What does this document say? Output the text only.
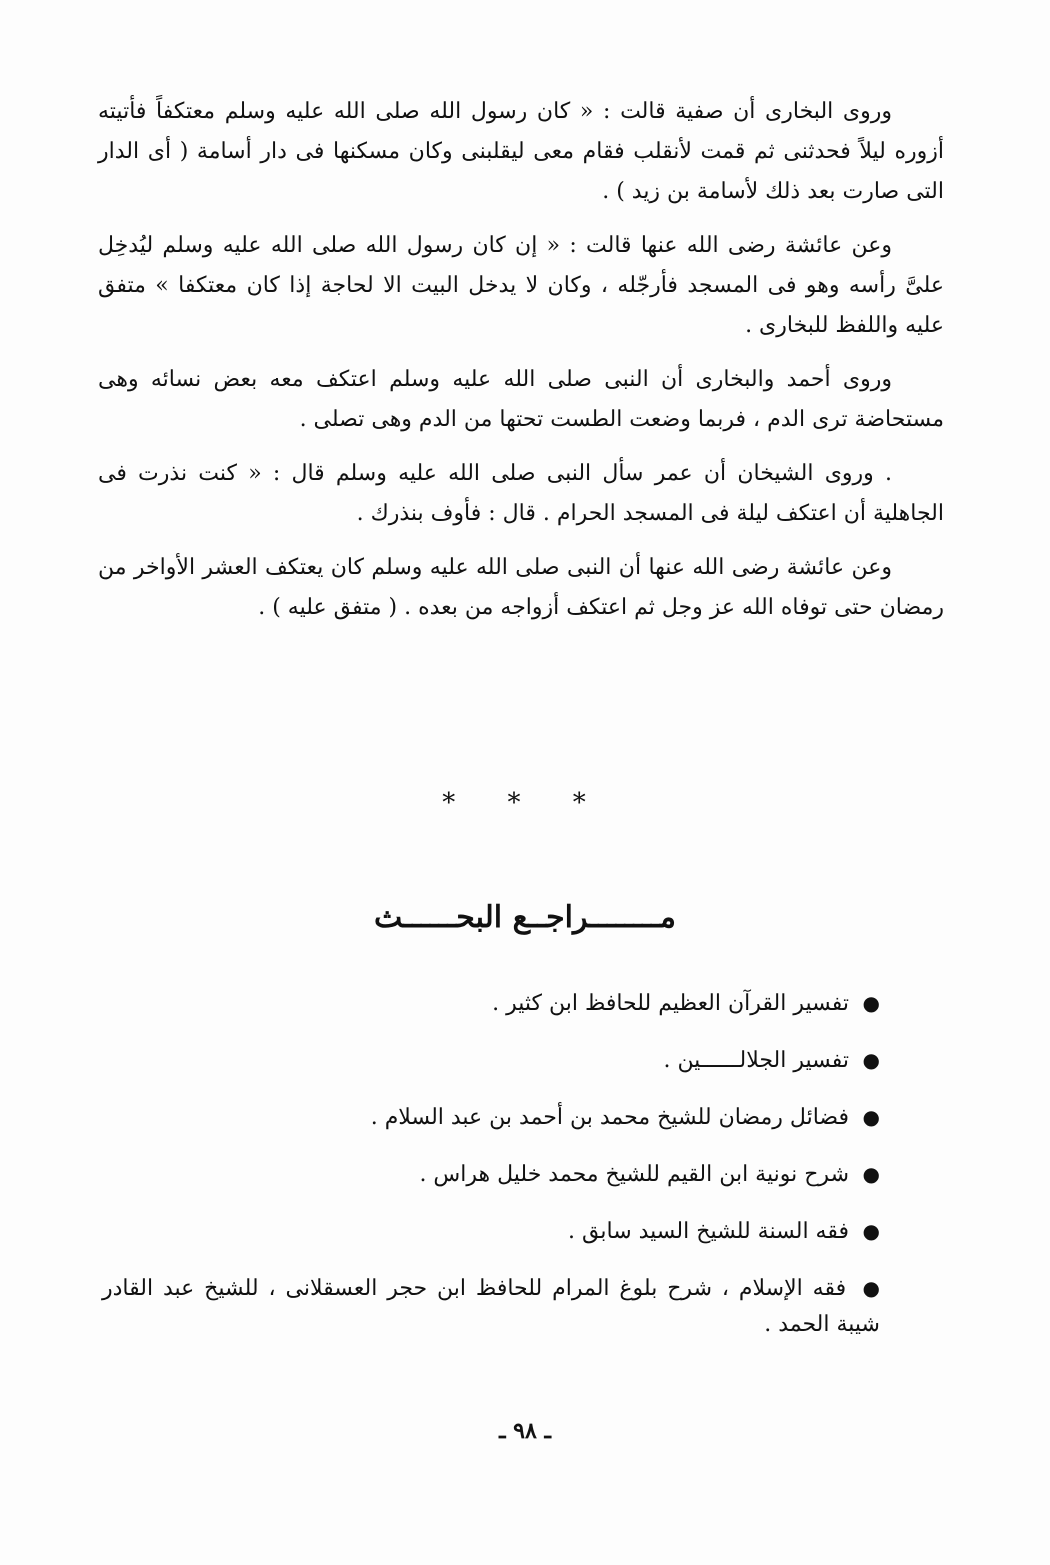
وروى البخارى أن صفية قالت : « كان رسول الله صلى الله عليه وسلم معتكفاً فأتيته أزوره ليلاً فحدثنى ثم قمت لأنقلب فقام معى ليقلبنى وكان مسكنها فى دار أسامة ( أى الدار التى صارت بعد ذلك لأسامة بن زيد ) .

وعن عائشة رضى الله عنها قالت : « إن كان رسول الله صلى الله عليه وسلم ليُدخِل علىَّ رأسه وهو فى المسجد فأرجّله ، وكان لا يدخل البيت الا لحاجة إذا كان معتكفا » متفق عليه واللفظ للبخارى .

وروى أحمد والبخارى أن النبى صلى الله عليه وسلم اعتكف معه بعض نسائه وهى مستحاضة ترى الدم ، فربما وضعت الطست تحتها من الدم وهى تصلى .

. وروى الشيخان أن عمر سأل النبى صلى الله عليه وسلم قال : « كنت نذرت فى الجاهلية أن اعتكف ليلة فى المسجد الحرام . قال : فأوف بنذرك .

وعن عائشة رضى الله عنها أن النبى صلى الله عليه وسلم كان يعتكف العشر الأواخر من رمضان حتى توفاه الله عز وجل ثم اعتكف أزواجه من بعده . ( متفق عليه ) .

* * *
مــــــــراجــع البحــــــث
● تفسير القرآن العظيم للحافظ ابن كثير .
● تفسير الجلالــــــين .
● فضائل رمضان للشيخ محمد بن أحمد بن عبد السلام .
● شرح نونية ابن القيم للشيخ محمد خليل هراس .
● فقه السنة للشيخ السيد سابق .
● فقه الإسلام ، شرح بلوغ المرام للحافظ ابن حجر العسقلانى ، للشيخ عبد القادر شيبة الحمد .
ـ ٩٨ ـ
